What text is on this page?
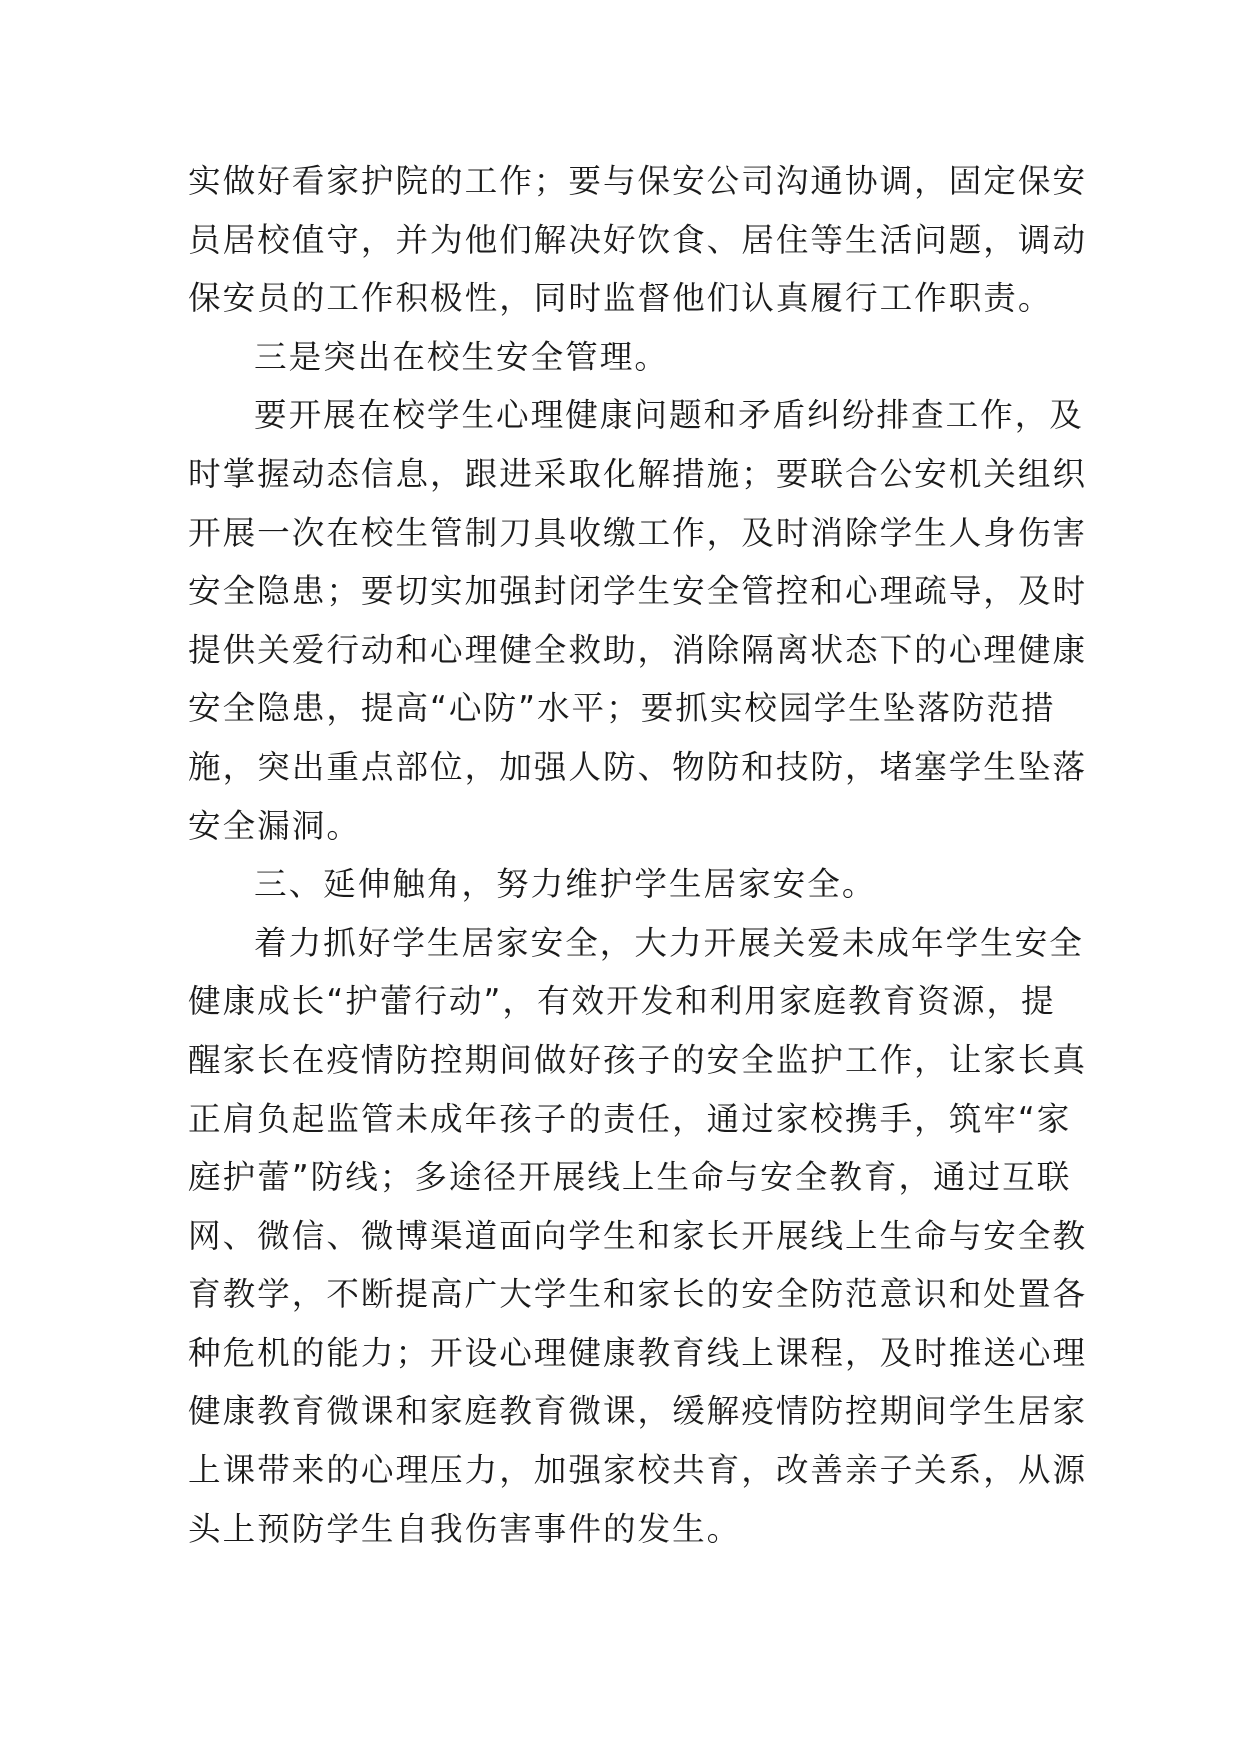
实做好看家护院的工作；要与保安公司沟通协调，固定保安
员居校值守，并为他们解决好饮食、居住等生活问题，调动
保安员的工作积极性，同时监督他们认真履行工作职责。
三是突出在校生安全管理。
要开展在校学生心理健康问题和矛盾纠纷排查工作，及
时掌握动态信息，跟进采取化解措施；要联合公安机关组织
开展一次在校生管制刀具收缴工作，及时消除学生人身伤害
安全隐患；要切实加强封闭学生安全管控和心理疏导，及时
提供关爱行动和心理健全救助，消除隔离状态下的心理健康
安全隐患，提高“心防”水平；要抓实校园学生坠落防范措
施，突出重点部位，加强人防、物防和技防，堵塞学生坠落
安全漏洞。
三、延伸触角，努力维护学生居家安全。
着力抓好学生居家安全，大力开展关爱未成年学生安全
健康成长“护蕾行动”，有效开发和利用家庭教育资源，提
醒家长在疫情防控期间做好孩子的安全监护工作，让家长真
正肩负起监管未成年孩子的责任，通过家校携手，筑牢“家
庭护蕾”防线；多途径开展线上生命与安全教育，通过互联
网、微信、微博渠道面向学生和家长开展线上生命与安全教
育教学，不断提高广大学生和家长的安全防范意识和处置各
种危机的能力；开设心理健康教育线上课程，及时推送心理
健康教育微课和家庭教育微课，缓解疫情防控期间学生居家
上课带来的心理压力，加强家校共育，改善亲子关系，从源
头上预防学生自我伤害事件的发生。
